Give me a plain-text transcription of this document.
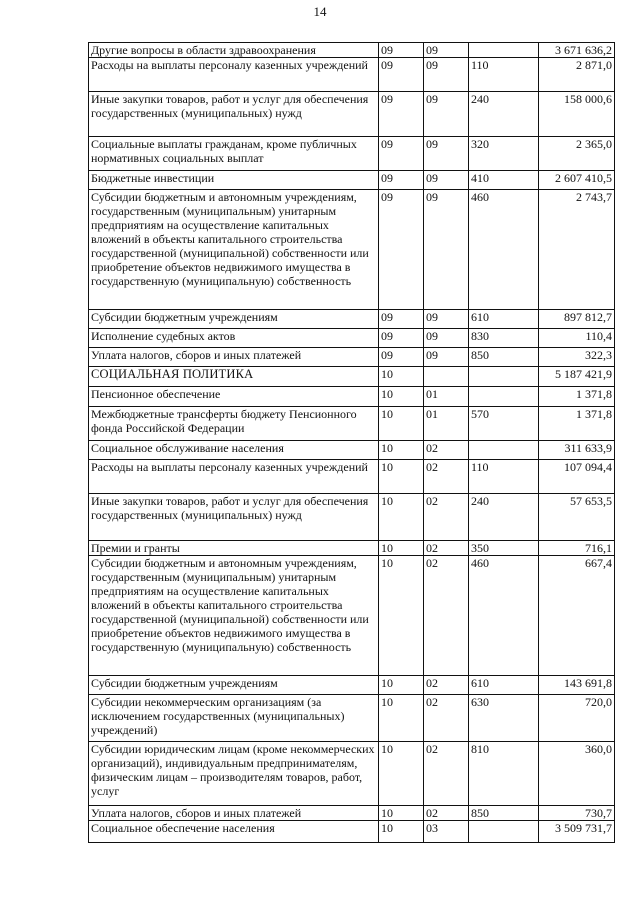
14
Другие вопросы в области здравоохранения	09	09		3 671 636,2
Расходы на выплаты персоналу казенных учреждений	09	09	110	2 871,0
Иные закупки товаров, работ и услуг для обеспечения государственных (муниципальных) нужд	09	09	240	158 000,6
Социальные выплаты гражданам, кроме публичных нормативных социальных выплат	09	09	320	2 365,0
Бюджетные инвестиции	09	09	410	2 607 410,5
Субсидии бюджетным и автономным учреждениям, государственным (муниципальным) унитарным предприятиям на осуществление капитальных вложений в объекты капитального строительства государственной (муниципальной) собственности или приобретение объектов недвижимого имущества в государственную (муниципальную) собственность	09	09	460	2 743,7
Субсидии бюджетным учреждениям	09	09	610	897 812,7
Исполнение судебных актов	09	09	830	110,4
Уплата налогов, сборов и иных платежей	09	09	850	322,3
СОЦИАЛЬНАЯ ПОЛИТИКА	10			5 187 421,9
Пенсионное обеспечение	10	01		1 371,8
Межбюджетные трансферты бюджету Пенсионного фонда Российской Федерации	10	01	570	1 371,8
Социальное обслуживание населения	10	02		311 633,9
Расходы на выплаты персоналу казенных учреждений	10	02	110	107 094,4
Иные закупки товаров, работ и услуг для обеспечения государственных (муниципальных) нужд	10	02	240	57 653,5
Премии и гранты	10	02	350	716,1
Субсидии бюджетным и автономным учреждениям, государственным (муниципальным) унитарным предприятиям на осуществление капитальных вложений в объекты капитального строительства государственной (муниципальной) собственности или приобретение объектов недвижимого имущества в государственную (муниципальную) собственность	10	02	460	667,4
Субсидии бюджетным учреждениям	10	02	610	143 691,8
Субсидии некоммерческим организациям (за исключением государственных (муниципальных) учреждений)	10	02	630	720,0
Субсидии юридическим лицам (кроме некоммерческих организаций), индивидуальным предпринимателям, физическим лицам – производителям товаров, работ, услуг	10	02	810	360,0
Уплата налогов, сборов и иных платежей	10	02	850	730,7
Социальное обеспечение населения	10	03		3 509 731,7
